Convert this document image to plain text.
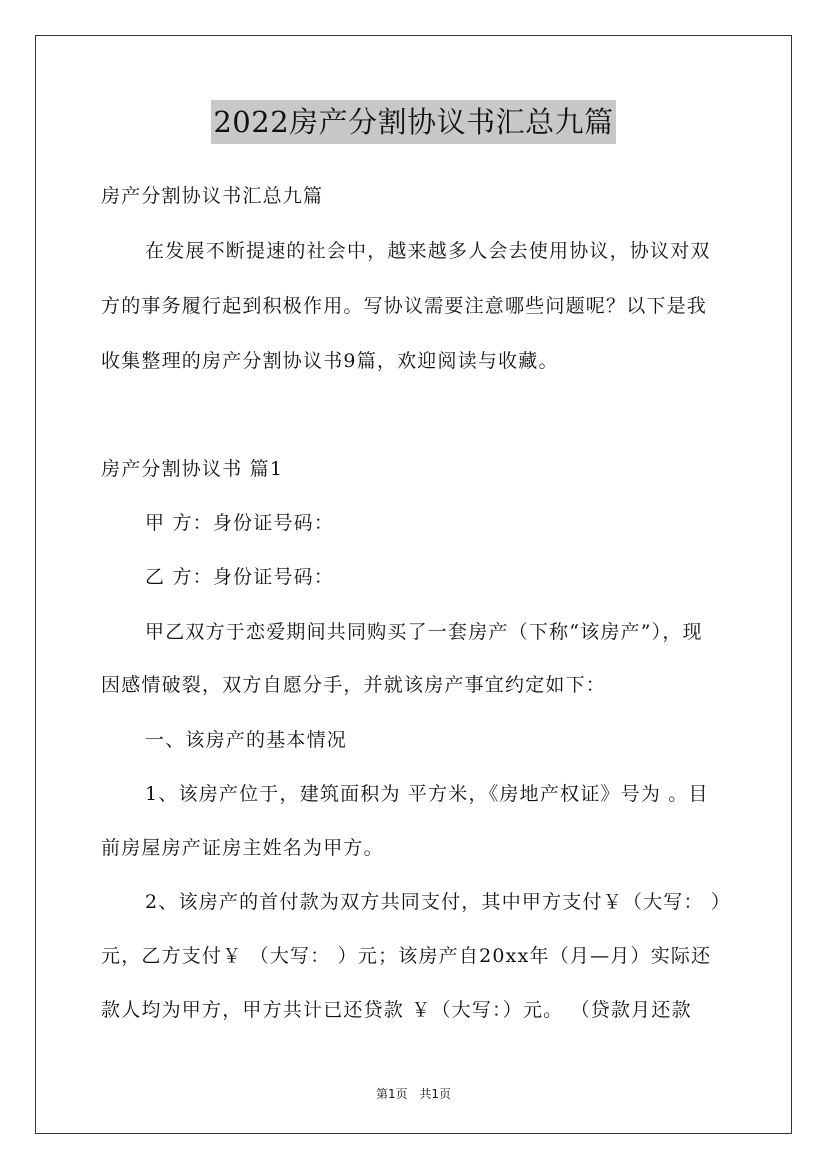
2022房产分割协议书汇总九篇
房产分割协议书汇总九篇
在发展不断提速的社会中，越来越多人会去使用协议，协议对双
方的事务履行起到积极作用。写协议需要注意哪些问题呢？以下是我
收集整理的房产分割协议书9篇，欢迎阅读与收藏。
房产分割协议书 篇1
甲 方：身份证号码：
乙 方：身份证号码：
甲乙双方于恋爱期间共同购买了一套房产（下称“该房产”），现
因感情破裂，双方自愿分手，并就该房产事宜约定如下：
一、该房产的基本情况
1、该房产位于，建筑面积为 平方米，《房地产权证》号为 。目
前房屋房产证房主姓名为甲方。
2、该房产的首付款为双方共同支付，其中甲方支付￥（大写： ）
元，乙方支付￥ （大写： ）元；该房产自20xx年（月—月）实际还
款人均为甲方，甲方共计已还贷款 ￥（大写：）元。 （贷款月还款
第1页 共1页
